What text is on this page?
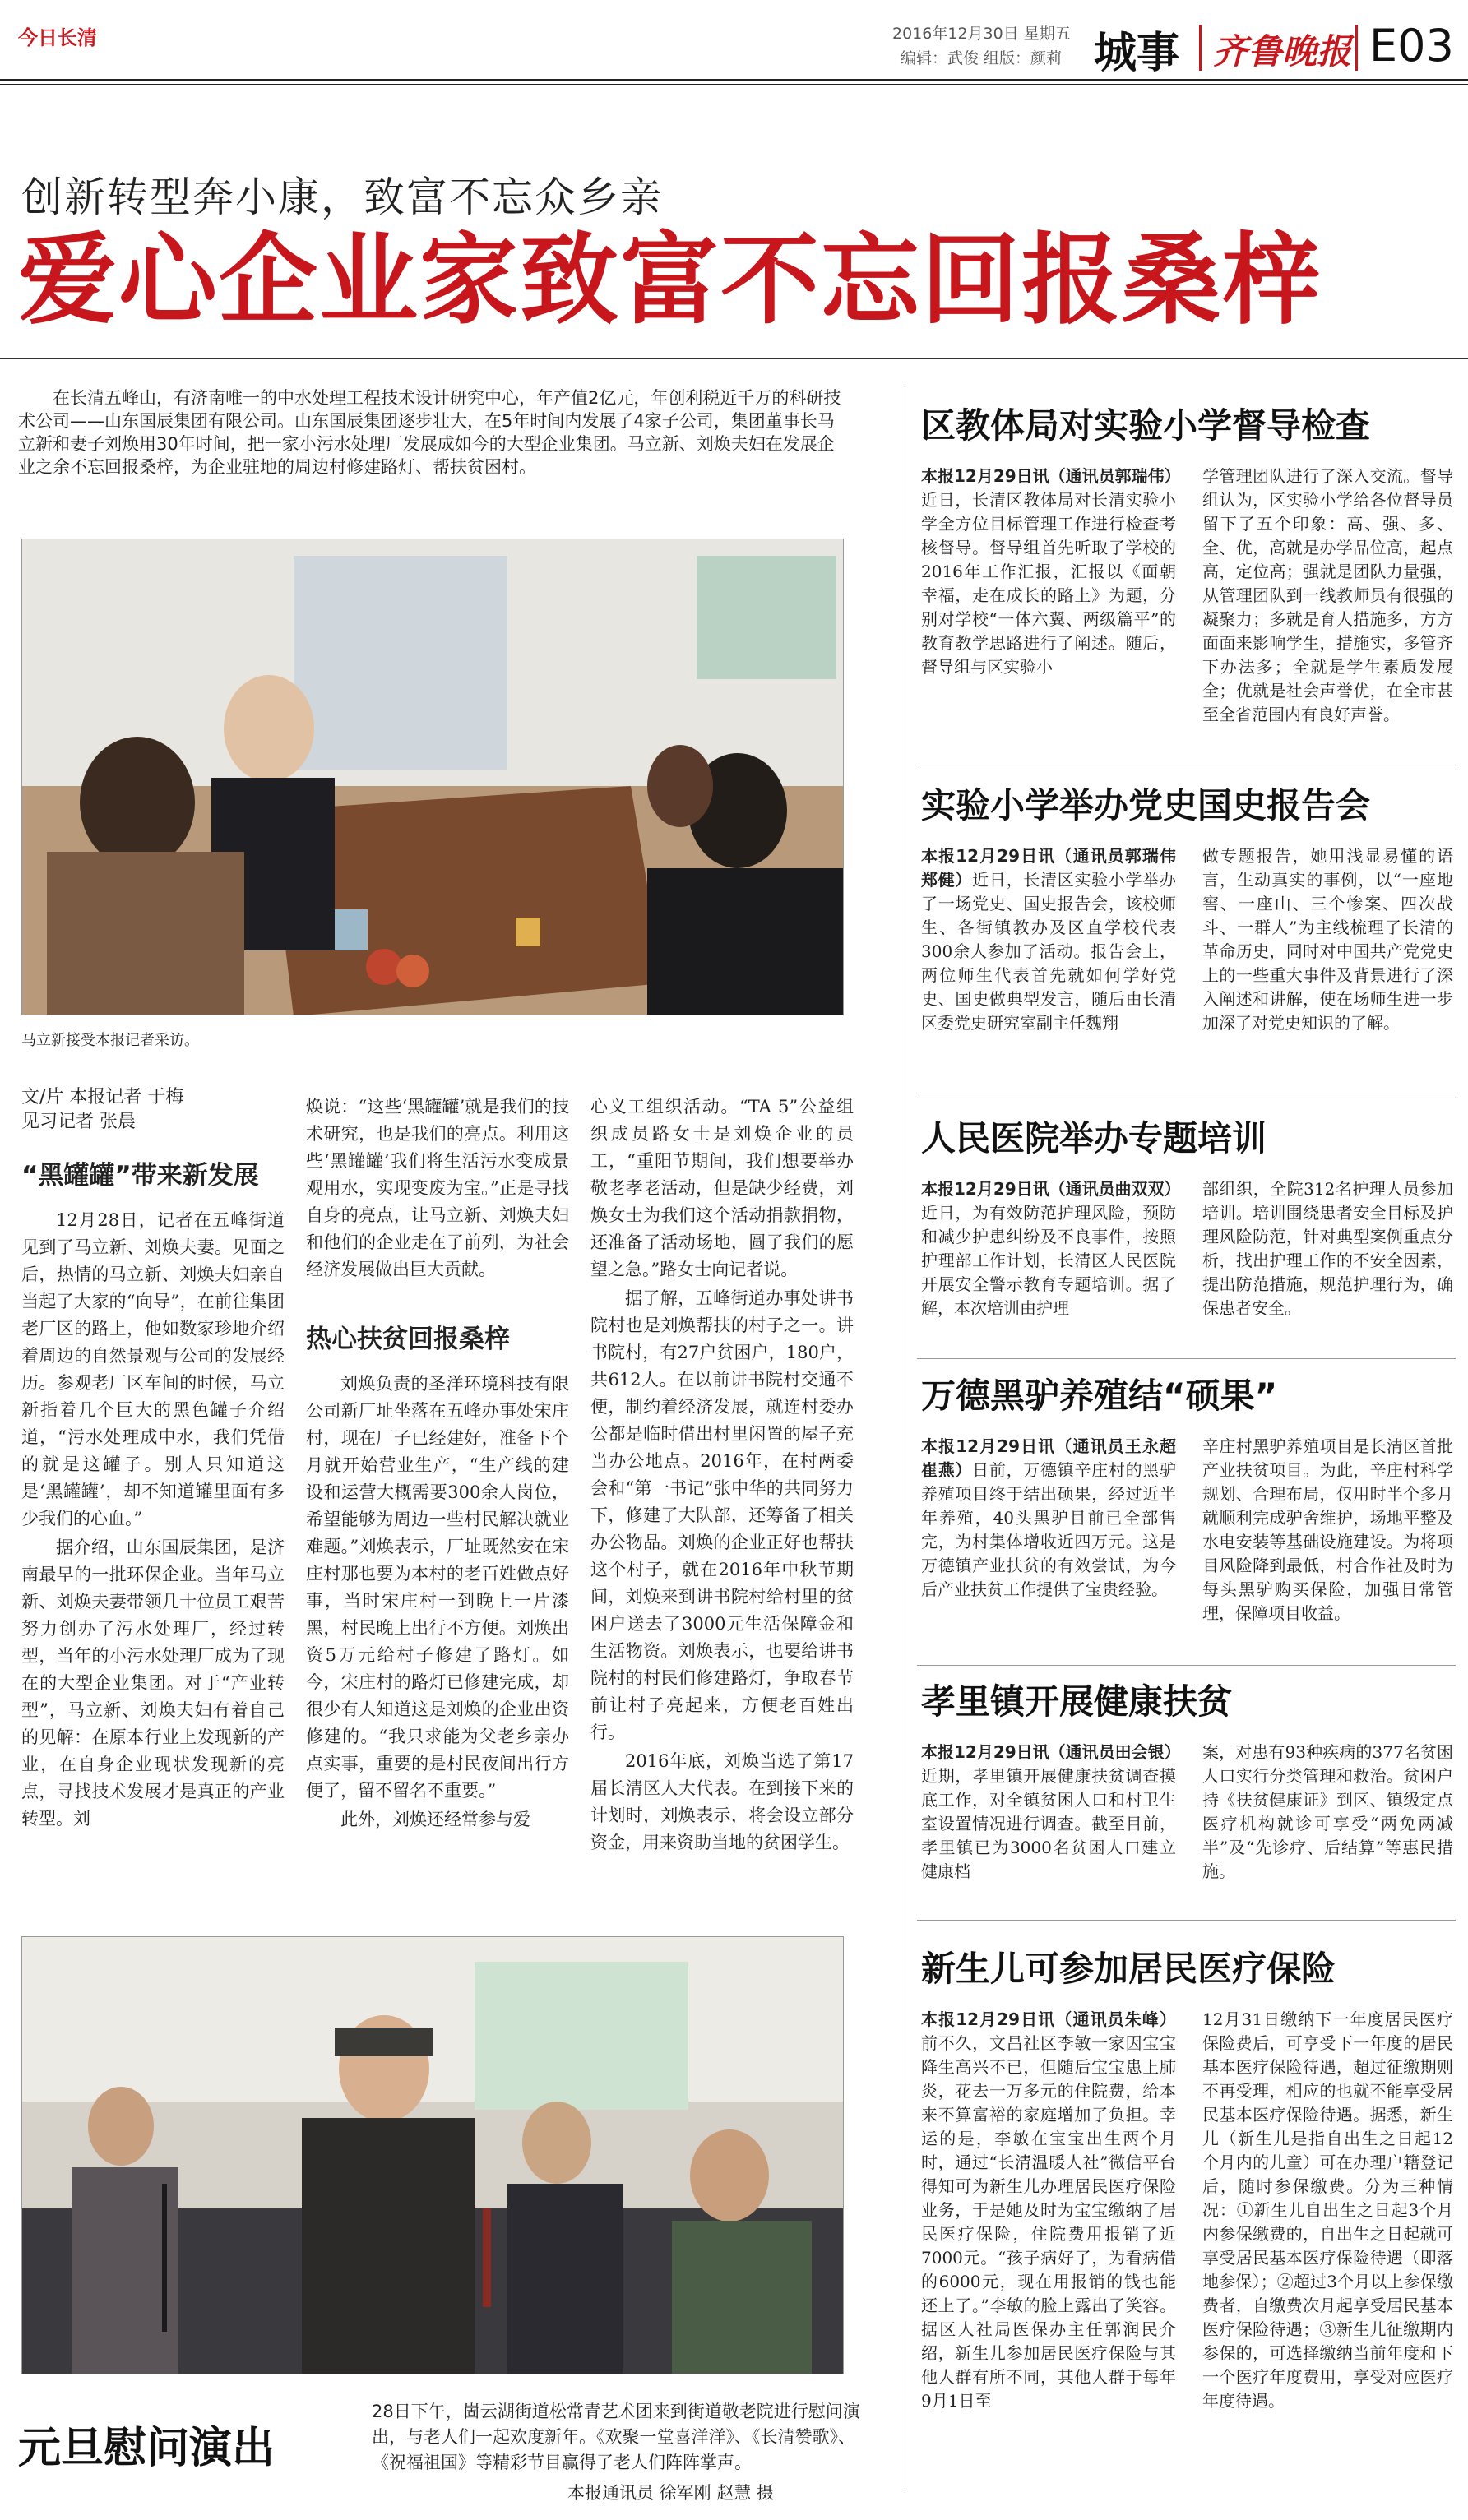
今日长清	2016年12月30日 星期五
编辑：武俊 组版：颜莉 城事 齐鲁晚报 E03
创新转型奔小康，致富不忘众乡亲
爱心企业家致富不忘回报桑梓
在长清五峰山，有济南唯一的中水处理工程技术设计研究中心，年产值2亿元，年创利税近千万的科研技术公司——山东国辰集团有限公司。山东国辰集团逐步壮大，在5年时间内发展了4家子公司，集团董事长马立新和妻子刘焕用30年时间，把一家小污水处理厂发展成如今的大型企业集团。马立新、刘焕夫妇在发展企业之余不忘回报桑梓，为企业驻地的周边村修建路灯、帮扶贫困村。
马立新接受本报记者采访。
文/片 本报记者 于梅
见习记者 张晨
“黑罐罐”带来新发展
12月28日，记者在五峰街道见到了马立新、刘焕夫妻。见面之后，热情的马立新、刘焕夫妇亲自当起了大家的“向导”，在前往集团老厂区的路上，他如数家珍地介绍着周边的自然景观与公司的发展经历。参观老厂区车间的时候，马立新指着几个巨大的黑色罐子介绍道，“污水处理成中水，我们凭借的就是这罐子。别人只知道这是‘黑罐罐’，却不知道罐里面有多少我们的心血。”
据介绍，山东国辰集团，是济南最早的一批环保企业。当年马立新、刘焕夫妻带领几十位员工艰苦努力创办了污水处理厂，经过转型，当年的小污水处理厂成为了现在的大型企业集团。对于“产业转型”，马立新、刘焕夫妇有着自己的见解：在原本行业上发现新的产业，在自身企业现状发现新的亮点，寻找技术发展才是真正的产业转型。刘
焕说：“这些‘黑罐罐’就是我们的技术研究，也是我们的亮点。利用这些‘黑罐罐’我们将生活污水变成景观用水，实现变废为宝。”正是寻找自身的亮点，让马立新、刘焕夫妇和他们的企业走在了前列，为社会经济发展做出巨大贡献。
热心扶贫回报桑梓
刘焕负责的圣洋环境科技有限公司新厂址坐落在五峰办事处宋庄村，现在厂子已经建好，准备下个月就开始营业生产，“生产线的建设和运营大概需要300余人岗位，希望能够为周边一些村民解决就业难题。”刘焕表示，厂址既然安在宋庄村那也要为本村的老百姓做点好事，当时宋庄村一到晚上一片漆黑，村民晚上出行不方便。刘焕出资5万元给村子修建了路灯。如今，宋庄村的路灯已修建完成，却很少有人知道这是刘焕的企业出资修建的。“我只求能为父老乡亲办点实事，重要的是村民夜间出行方便了，留不留名不重要。”
此外，刘焕还经常参与爱
心义工组织活动。“TA 5”公益组织成员路女士是刘焕企业的员工，“重阳节期间，我们想要举办敬老孝老活动，但是缺少经费，刘焕女士为我们这个活动捐款捐物，还准备了活动场地，圆了我们的愿望之急。”路女士向记者说。
据了解，五峰街道办事处讲书院村也是刘焕帮扶的村子之一。讲书院村，有27户贫困户，180户，共612人。在以前讲书院村交通不便，制约着经济发展，就连村委办公都是临时借出村里闲置的屋子充当办公地点。2016年，在村两委会和“第一书记”张中华的共同努力下，修建了大队部，还筹备了相关办公物品。刘焕的企业正好也帮扶这个村子，就在2016年中秋节期间，刘焕来到讲书院村给村里的贫困户送去了3000元生活保障金和生活物资。刘焕表示，也要给讲书院村的村民们修建路灯，争取春节前让村子亮起来，方便老百姓出行。
2016年底，刘焕当选了第17届长清区人大代表。在到接下来的计划时，刘焕表示，将会设立部分资金，用来资助当地的贫困学生。
区教体局对实验小学督导检查
本报12月29日讯（通讯员郭瑞伟）近日，长清区教体局对长清实验小学全方位目标管理工作进行检查考核督导。督导组首先听取了学校的2016年工作汇报，汇报以《面朝幸福，走在成长的路上》为题，分别对学校“一体六翼、两级篇平”的教育教学思路进行了阐述。随后，督导组与区实验小
学管理团队进行了深入交流。督导组认为，区实验小学给各位督导员留下了五个印象：高、强、多、全、优，高就是办学品位高，起点高，定位高；强就是团队力量强，从管理团队到一线教师员有很强的凝聚力；多就是育人措施多，方方面面来影响学生，措施实，多管齐下办法多；全就是学生素质发展全；优就是社会声誉优，在全市甚至全省范围内有良好声誉。
实验小学举办党史国史报告会
本报12月29日讯（通讯员郭瑞伟 郑健）近日，长清区实验小学举办了一场党史、国史报告会，该校师生、各街镇教办及区直学校代表300余人参加了活动。报告会上，两位师生代表首先就如何学好党史、国史做典型发言，随后由长清区委党史研究室副主任魏翔
做专题报告，她用浅显易懂的语言，生动真实的事例，以“一座地窖、一座山、三个惨案、四次战斗、一群人”为主线梳理了长清的革命历史，同时对中国共产党党史上的一些重大事件及背景进行了深入阐述和讲解，使在场师生进一步加深了对党史知识的了解。
人民医院举办专题培训
本报12月29日讯（通讯员曲双双）近日，为有效防范护理风险，预防和减少护患纠纷及不良事件，按照护理部工作计划，长清区人民医院开展安全警示教育专题培训。据了解，本次培训由护理
部组织，全院312名护理人员参加培训。培训围绕患者安全目标及护理风险防范，针对典型案例重点分析，找出护理工作的不安全因素，提出防范措施，规范护理行为，确保患者安全。
万德黑驴养殖结“硕果”
本报12月29日讯（通讯员王永超 崔燕）日前，万德镇辛庄村的黑驴养殖项目终于结出硕果，经过近半年养殖，40头黑驴目前已全部售完，为村集体增收近四万元。这是万德镇产业扶贫的有效尝试，为今后产业扶贫工作提供了宝贵经验。
辛庄村黑驴养殖项目是长清区首批产业扶贫项目。为此，辛庄村科学规划、合理布局，仅用时半个多月就顺利完成驴舍维护，场地平整及水电安装等基础设施建设。为将项目风险降到最低，村合作社及时为每头黑驴购买保险，加强日常管理，保障项目收益。
孝里镇开展健康扶贫
本报12月29日讯（通讯员田会银）近期，孝里镇开展健康扶贫调查摸底工作，对全镇贫困人口和村卫生室设置情况进行调查。截至目前，孝里镇已为3000名贫困人口建立健康档
案，对患有93种疾病的377名贫困人口实行分类管理和救治。贫困户持《扶贫健康证》到区、镇级定点医疗机构就诊可享受“两免两减半”及“先诊疗、后结算”等惠民措施。
新生儿可参加居民医疗保险
本报12月29日讯（通讯员朱峰）前不久，文昌社区李敏一家因宝宝降生高兴不已，但随后宝宝患上肺炎，花去一万多元的住院费，给本来不算富裕的家庭增加了负担。幸运的是，李敏在宝宝出生两个月时，通过“长清温暖人社”微信平台得知可为新生儿办理居民医疗保险业务，于是她及时为宝宝缴纳了居民医疗保险，住院费用报销了近7000元。“孩子病好了，为看病借的6000元，现在用报销的钱也能还上了。”李敏的脸上露出了笑容。据区人社局医保办主任郭润民介绍，新生儿参加居民医疗保险与其他人群有所不同，其他人群于每年9月1日至
12月31日缴纳下一年度居民医疗保险费后，可享受下一年度的居民基本医疗保险待遇，超过征缴期则不再受理，相应的也就不能享受居民基本医疗保险待遇。据悉，新生儿（新生儿是指自出生之日起12个月内的儿童）可在办理户籍登记后，随时参保缴费。分为三种情况：①新生儿自出生之日起3个月内参保缴费的，自出生之日起就可享受居民基本医疗保险待遇（即落地参保）；②超过3个月以上参保缴费者，自缴费次月起享受居民基本医疗保险待遇；③新生儿征缴期内参保的，可选择缴纳当前年度和下一个医疗年度费用，享受对应医疗年度待遇。
元旦慰问演出
28日下午，崮云湖街道松常青艺术团来到街道敬老院进行慰问演出，与老人们一起欢度新年。《欢聚一堂喜洋洋》、《长清赞歌》、《祝福祖国》等精彩节目赢得了老人们阵阵掌声。
本报通讯员 徐军刚 赵慧 摄
